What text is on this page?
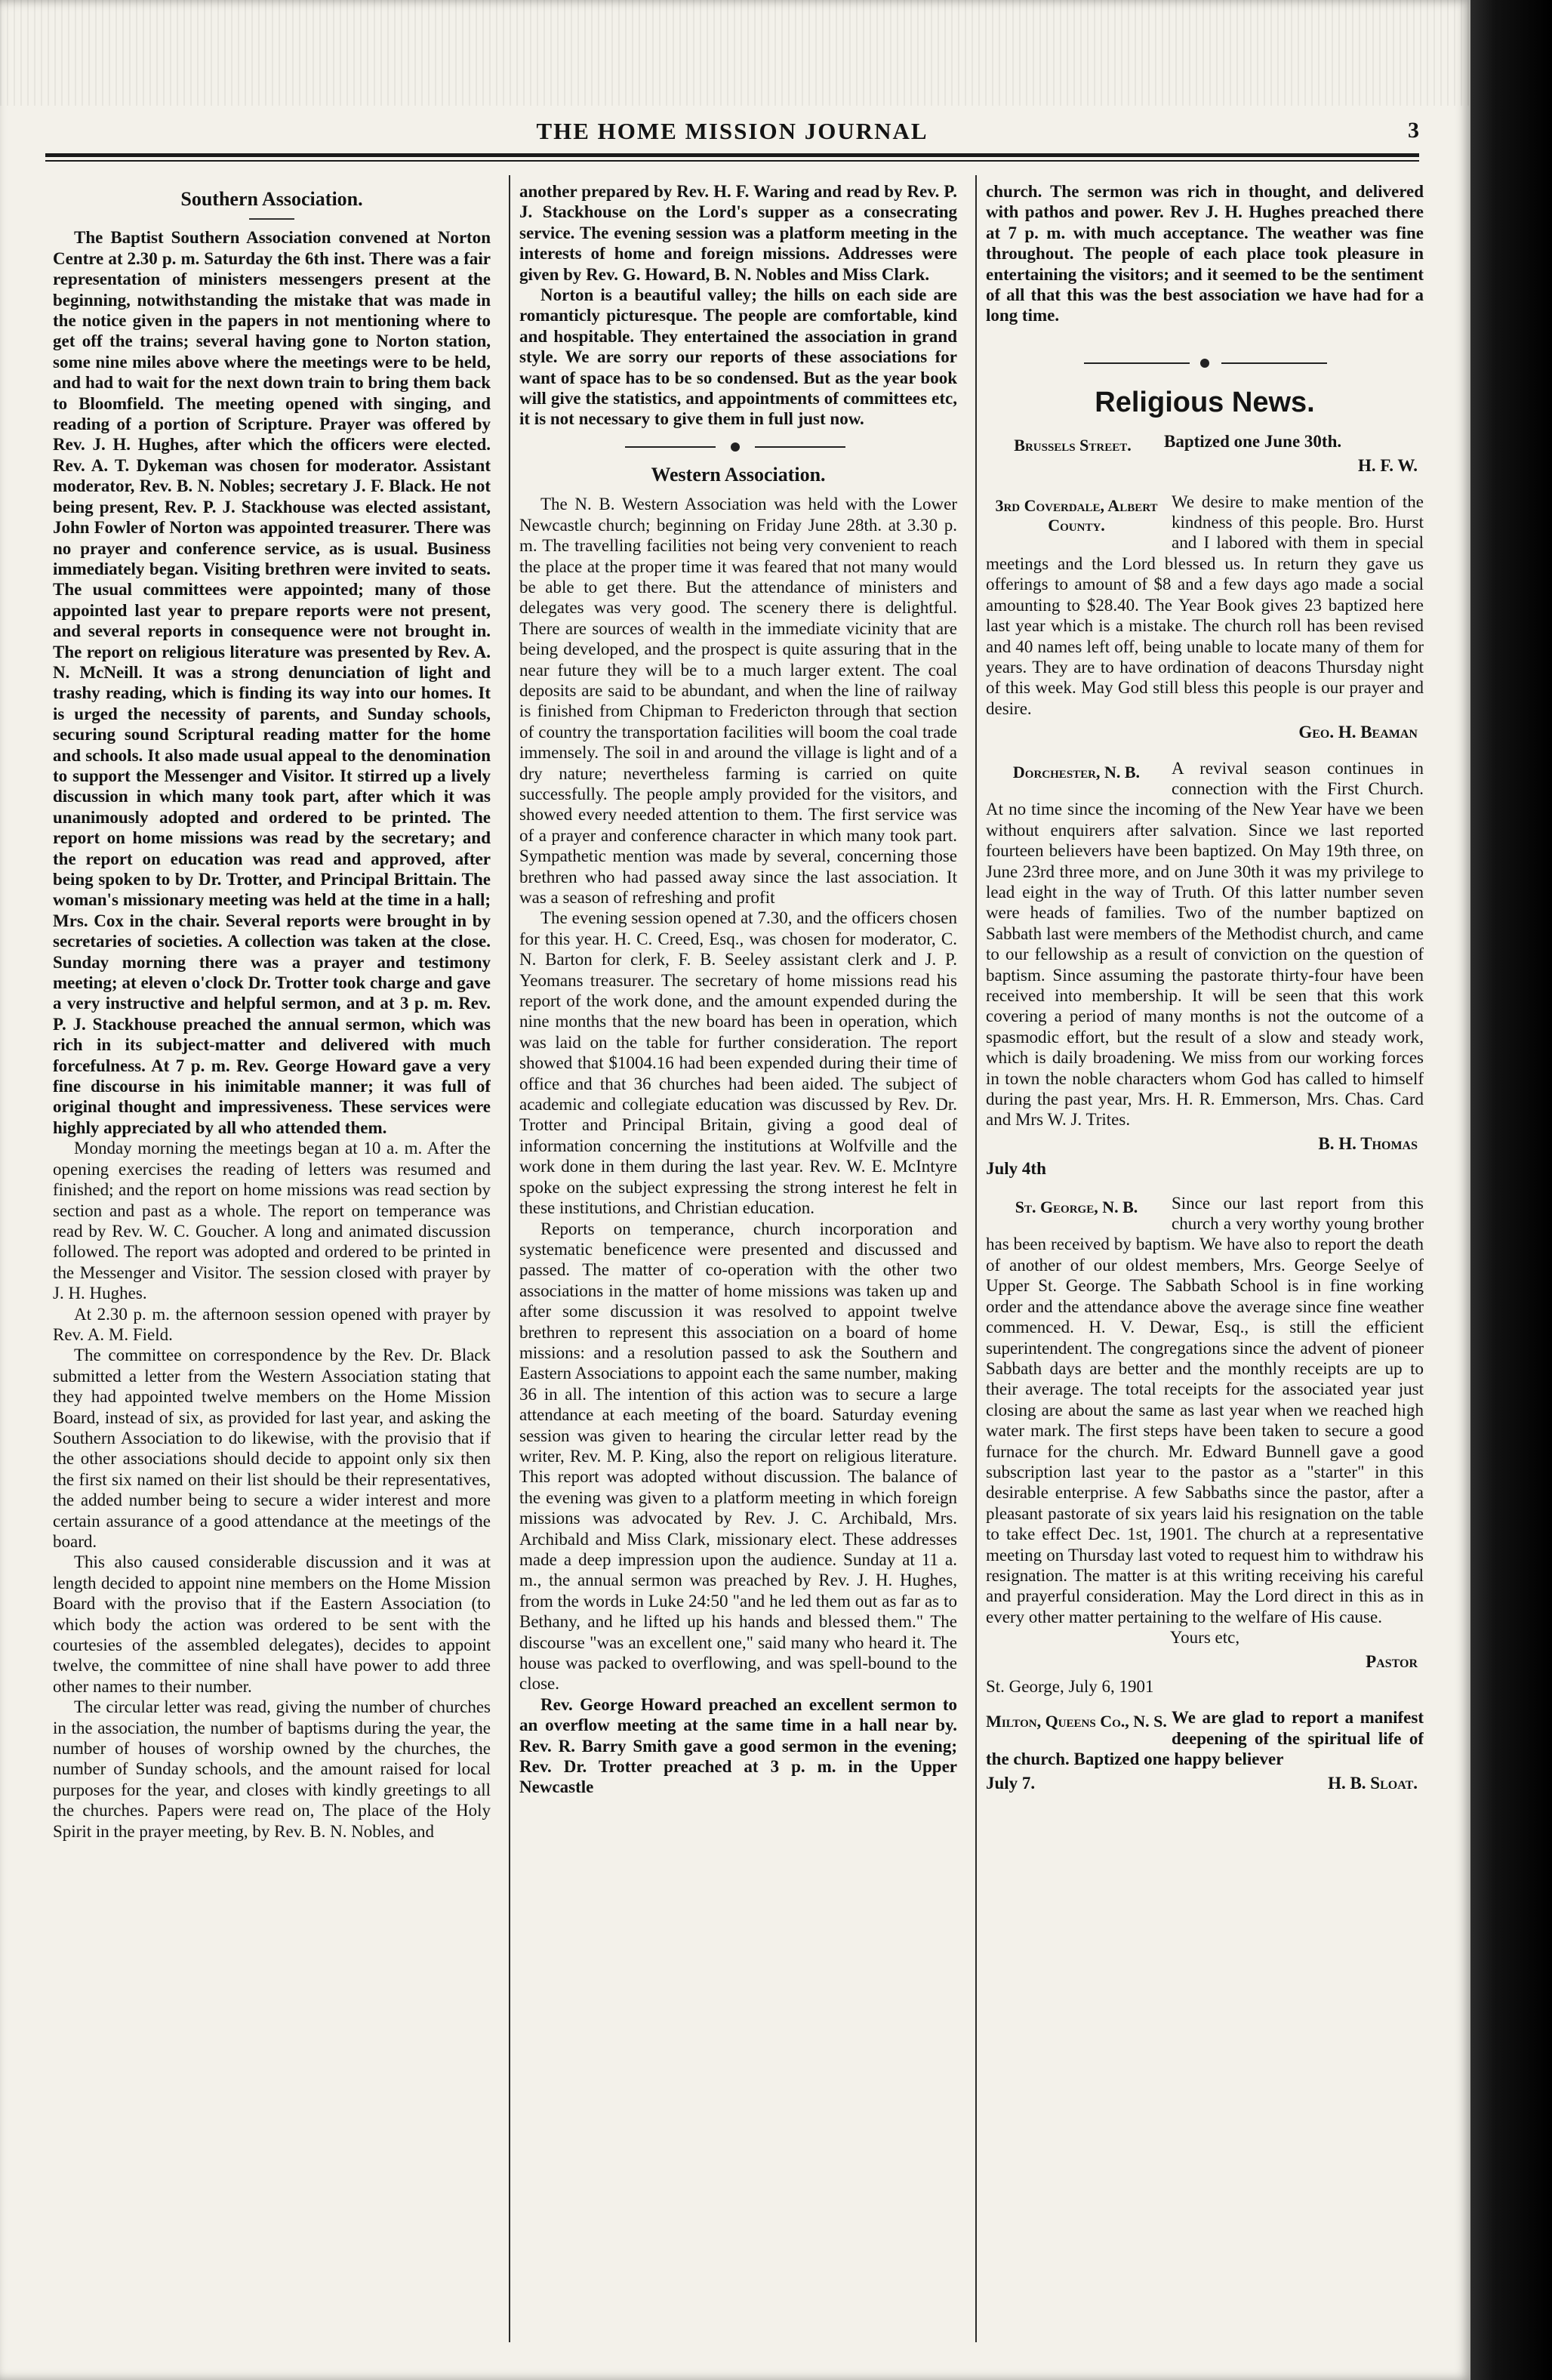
THE HOME MISSION JOURNAL	3
Southern Association.

The Baptist Southern Association convened at Norton Centre at 2.30 p. m. Saturday the 6th inst. There was a fair representation of ministers messengers present at the beginning, notwithstanding the mistake that was made in the notice given in the papers in not mentioning where to get off the trains; several having gone to Norton station, some nine miles above where the meetings were to be held, and had to wait for the next down train to bring them back to Bloomfield. The meeting opened with singing, and reading of a portion of Scripture. Prayer was offered by Rev. J. H. Hughes, after which the officers were elected. Rev. A. T. Dykeman was chosen for moderator. Assistant moderator, Rev. B. N. Nobles; secretary J. F. Black. He not being present, Rev. P. J. Stackhouse was elected assistant, John Fowler of Norton was appointed treasurer. There was no prayer and conference service, as is usual. Business immediately began. Visiting brethren were invited to seats. The usual committees were appointed; many of those appointed last year to prepare reports were not present, and several reports in consequence were not brought in. The report on religious literature was presented by Rev. A. N. McNeill. It was a strong denunciation of light and trashy reading, which is finding its way into our homes. It is urged the necessity of parents, and Sunday schools, securing sound Scriptural reading matter for the home and schools. It also made usual appeal to the denomination to support the Messenger and Visitor. It stirred up a lively discussion in which many took part, after which it was unanimously adopted and ordered to be printed. The report on home missions was read by the secretary; and the report on education was read and approved, after being spoken to by Dr. Trotter, and Principal Brittain. The woman's missionary meeting was held at the time in a hall; Mrs. Cox in the chair. Several reports were brought in by secretaries of societies. A collection was taken at the close. Sunday morning there was a prayer and testimony meeting; at eleven o'clock Dr. Trotter took charge and gave a very instructive and helpful sermon, and at 3 p. m. Rev. P. J. Stackhouse preached the annual sermon, which was rich in its subject-matter and delivered with much forcefulness. At 7 p. m. Rev. George Howard gave a very fine discourse in his inimitable manner; it was full of original thought and impressiveness. These services were highly appreciated by all who attended them.

Monday morning the meetings began at 10 a. m. After the opening exercises the reading of letters was resumed and finished; and the report on home missions was read section by section and past as a whole. The report on temperance was read by Rev. W. C. Goucher. A long and animated discussion followed. The report was adopted and ordered to be printed in the Messenger and Visitor. The session closed with prayer by J. H. Hughes.

At 2.30 p. m. the afternoon session opened with prayer by Rev. A. M. Field.

The committee on correspondence by the Rev. Dr. Black submitted a letter from the Western Association stating that they had appointed twelve members on the Home Mission Board, instead of six, as provided for last year, and asking the Southern Association to do likewise, with the provisio that if the other associations should decide to appoint only six then the first six named on their list should be their representatives, the added number being to secure a wider interest and more certain assurance of a good attendance at the meetings of the board.

This also caused considerable discussion and it was at length decided to appoint nine members on the Home Mission Board with the proviso that if the Eastern Association (to which body the action was ordered to be sent with the courtesies of the assembled delegates), decides to appoint twelve, the committee of nine shall have power to add three other names to their number.

The circular letter was read, giving the number of churches in the association, the number of baptisms during the year, the number of houses of worship owned by the churches, the number of Sunday schools, and the amount raised for local purposes for the year, and closes with kindly greetings to all the churches. Papers were read on, The place of the Holy Spirit in the prayer meeting, by Rev. B. N. Nobles, and

another prepared by Rev. H. F. Waring and read by Rev. P. J. Stackhouse on the Lord's supper as a consecrating service. The evening session was a platform meeting in the interests of home and foreign missions. Addresses were given by Rev. G. Howard, B. N. Nobles and Miss Clark.

Norton is a beautiful valley; the hills on each side are romanticly picturesque. The people are comfortable, kind and hospitable. They entertained the association in grand style. We are sorry our reports of these associations for want of space has to be so condensed. But as the year book will give the statistics, and appointments of committees etc, it is not necessary to give them in full just now.

Western Association.

The N. B. Western Association was held with the Lower Newcastle church; beginning on Friday June 28th. at 3.30 p. m. The travelling facilities not being very convenient to reach the place at the proper time it was feared that not many would be able to get there. But the attendance of ministers and delegates was very good. The scenery there is delightful. There are sources of wealth in the immediate vicinity that are being developed, and the prospect is quite assuring that in the near future they will be to a much larger extent. The coal deposits are said to be abundant, and when the line of railway is finished from Chipman to Fredericton through that section of country the transportation facilities will boom the coal trade immensely. The soil in and around the village is light and of a dry nature; nevertheless farming is carried on quite successfully. The people amply provided for the visitors, and showed every needed attention to them. The first service was of a prayer and conference character in which many took part. Sympathetic mention was made by several, concerning those brethren who had passed away since the last association. It was a season of refreshing and profit

The evening session opened at 7.30, and the officers chosen for this year. H. C. Creed, Esq., was chosen for moderator, C. N. Barton for clerk, F. B. Seeley assistant clerk and J. P. Yeomans treasurer. The secretary of home missions read his report of the work done, and the amount expended during the nine months that the new board has been in operation, which was laid on the table for further consideration. The report showed that $1004.16 had been expended during their time of office and that 36 churches had been aided. The subject of academic and collegiate education was discussed by Rev. Dr. Trotter and Principal Britain, giving a good deal of information concerning the institutions at Wolfville and the work done in them during the last year. Rev. W. E. McIntyre spoke on the subject expressing the strong interest he felt in these institutions, and Christian education.

Reports on temperance, church incorporation and systematic beneficence were presented and discussed and passed. The matter of co-operation with the other two associations in the matter of home missions was taken up and after some discussion it was resolved to appoint twelve brethren to represent this association on a board of home missions: and a resolution passed to ask the Southern and Eastern Associations to appoint each the same number, making 36 in all. The intention of this action was to secure a large attendance at each meeting of the board. Saturday evening session was given to hearing the circular letter read by the writer, Rev. M. P. King, also the report on religious literature. This report was adopted without discussion. The balance of the evening was given to a platform meeting in which foreign missions was advocated by Rev. J. C. Archibald, Mrs. Archibald and Miss Clark, missionary elect. These addresses made a deep impression upon the audience. Sunday at 11 a. m., the annual sermon was preached by Rev. J. H. Hughes, from the words in Luke 24:50 "and he led them out as far as to Bethany, and he lifted up his hands and blessed them." The discourse "was an excellent one," said many who heard it. The house was packed to overflowing, and was spell-bound to the close.

Rev. George Howard preached an excellent sermon to an overflow meeting at the same time in a hall near by. Rev. R. Barry Smith gave a good sermon in the evening; Rev. Dr. Trotter preached at 3 p. m. in the Upper Newcastle

church. The sermon was rich in thought, and delivered with pathos and power. Rev J. H. Hughes preached there at 7 p. m. with much acceptance. The weather was fine throughout. The people of each place took pleasure in entertaining the visitors; and it seemed to be the sentiment of all that this was the best association we have had for a long time.

Religious News.
Brussels Street.	Baptized one June 30th.
H. F. W.
3rd Coverdale, Albert County.
We desire to make mention of the kindness of this people. Bro. Hurst and I labored with them in special meetings and the Lord blessed us. In return they gave us offerings to amount of $8 and a few days ago made a social amounting to $28.40. The Year Book gives 23 baptized here last year which is a mistake. The church roll has been revised and 40 names left off, being unable to locate many of them for years. They are to have ordination of deacons Thursday night of this week. May God still bless this people is our prayer and desire.
Geo. H. Beaman
Dorchester, N. B.	A revival season continues in connection with the First Church. At no time since the incoming of the New Year have we been without enquirers after salvation. Since we last reported fourteen believers have been baptized. On May 19th three, on June 23rd three more, and on June 30th it was my privilege to lead eight in the way of Truth. Of this latter number seven were heads of families. Two of the number baptized on Sabbath last were members of the Methodist church, and came to our fellowship as a result of conviction on the question of baptism. Since assuming the pastorate thirty-four have been received into membership. It will be seen that this work covering a period of many months is not the outcome of a spasmodic effort, but the result of a slow and steady work, which is daily broadening. We miss from our working forces in town the noble characters whom God has called to himself during the past year, Mrs. H. R. Emmerson, Mrs. Chas. Card and Mrs W. J. Trites.
B. H. Thomas
July 4th
St. George, N. B.	Since our last report from this church a very worthy young brother has been received by baptism. We have also to report the death of another of our oldest members, Mrs. George Seelye of Upper St. George. The Sabbath School is in fine working order and the attendance above the average since fine weather commenced. H. V. Dewar, Esq., is still the efficient superintendent. The congregations since the advent of pioneer Sabbath days are better and the monthly receipts are up to their average. The total receipts for the associated year just closing are about the same as last year when we reached high water mark. The first steps have been taken to secure a good furnace for the church. Mr. Edward Bunnell gave a good subscription last year to the pastor as a "starter" in this desirable enterprise. A few Sabbaths since the pastor, after a pleasant pastorate of six years laid his resignation on the table to take effect Dec. 1st, 1901. The church at a representative meeting on Thursday last voted to request him to withdraw his resignation. The matter is at this writing receiving his careful and prayerful consideration. May the Lord direct in this as in every other matter pertaining to the welfare of His cause.
Yours etc,
Pastor
St. George, July 6, 1901
Milton, Queens Co., N. S. We are glad to report a manifest deepening of the spiritual life of the church. Baptized one happy believer
July 7.	H. B. Sloat.
